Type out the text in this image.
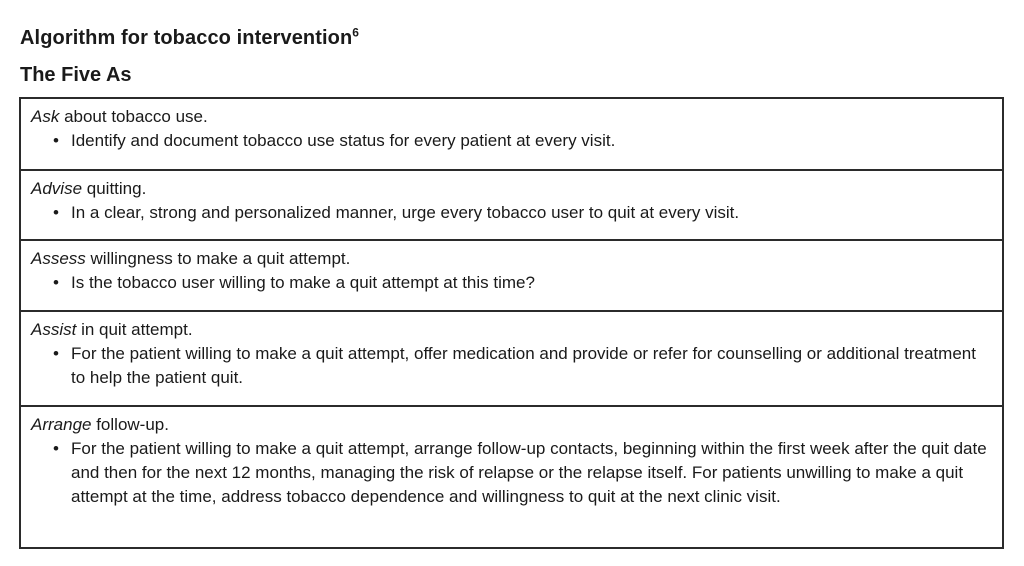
Algorithm for tobacco intervention$^6$
The Five As
Ask about tobacco use.
• Identify and document tobacco use status for every patient at every visit.
Advise quitting.
• In a clear, strong and personalized manner, urge every tobacco user to quit at every visit.
Assess willingness to make a quit attempt.
• Is the tobacco user willing to make a quit attempt at this time?
Assist in quit attempt.
• For the patient willing to make a quit attempt, offer medication and provide or refer for counselling or additional treatment to help the patient quit.
Arrange follow-up.
• For the patient willing to make a quit attempt, arrange follow-up contacts, beginning within the first week after the quit date and then for the next 12 months, managing the risk of relapse or the relapse itself. For patients unwilling to make a quit attempt at the time, address tobacco dependence and willingness to quit at the next clinic visit.
